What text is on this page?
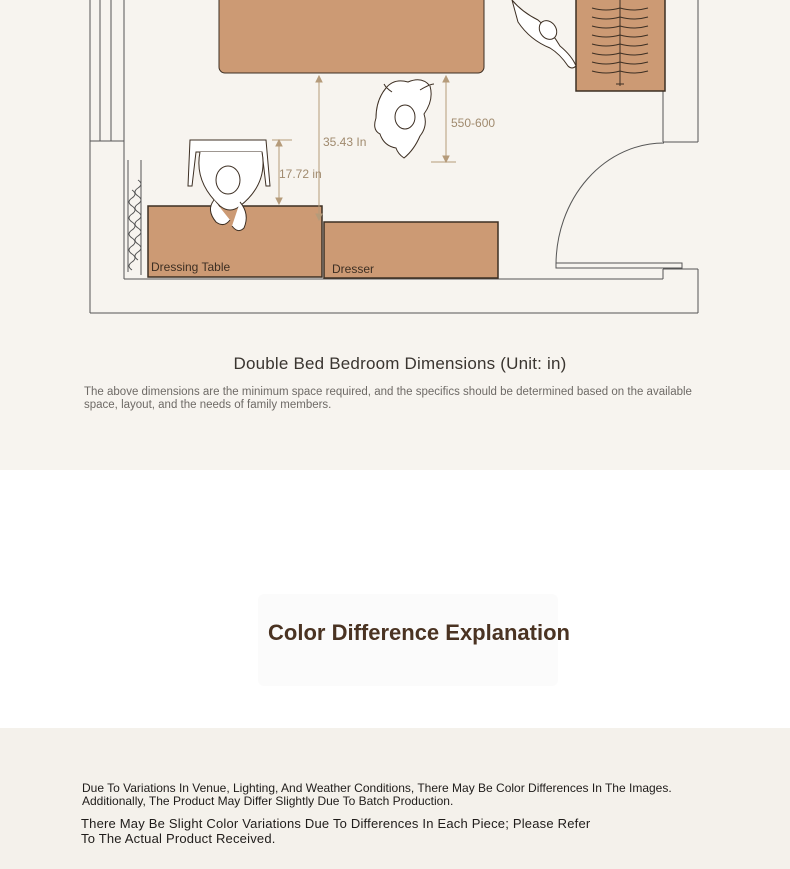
Dressing Table	Dresser
35.43 In
17.72 in
550-600
Double Bed Bedroom Dimensions (Unit: in)
The above dimensions are the minimum space required, and the specifics should be determined based on the available space, layout, and the needs of family members.
Color Difference Explanation
Due To Variations In Venue, Lighting, And Weather Conditions, There May Be Color Differences In The Images. Additionally, The Product May Differ Slightly Due To Batch Production.
There May Be Slight Color Variations Due To Differences In Each Piece; Please Refer To The Actual Product Received.
